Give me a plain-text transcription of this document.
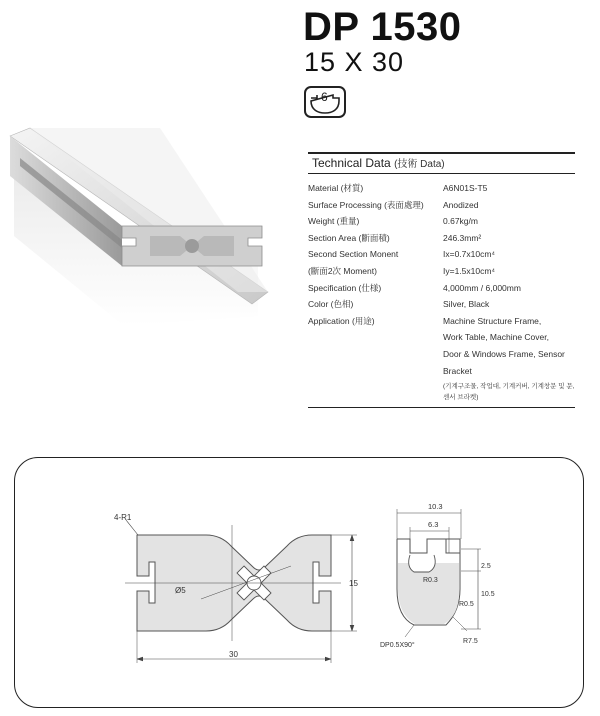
DP 1530
15 X 30
6
Technical Data (技術 Data)
Material (材質)	A6N01S-T5
Surface Processing (表面處理)	Anodized
Weight (重量)	0.67kg/m
Section Area (斷面積)	246.3mm²
Second Section Monent	Ix=0.7x10cm⁴
(斷面2次 Moment)	Iy=1.5x10cm⁴
Specification (仕様)	4,000mm / 6,000mm
Color (色相)	Silver, Black
Application (用途)	Machine Structure Frame,
Work Table, Machine Cover,
Door & Windows Frame, Sensor
Bracket
(기계구조물, 작업대, 기계커버, 기계창문 및 문,
센서 브라켓)
4-R1
Ø5
15
30
10.3
6.3
2.5
10.5
R0.3
R0.5
R7.5
DP0.5X90°
